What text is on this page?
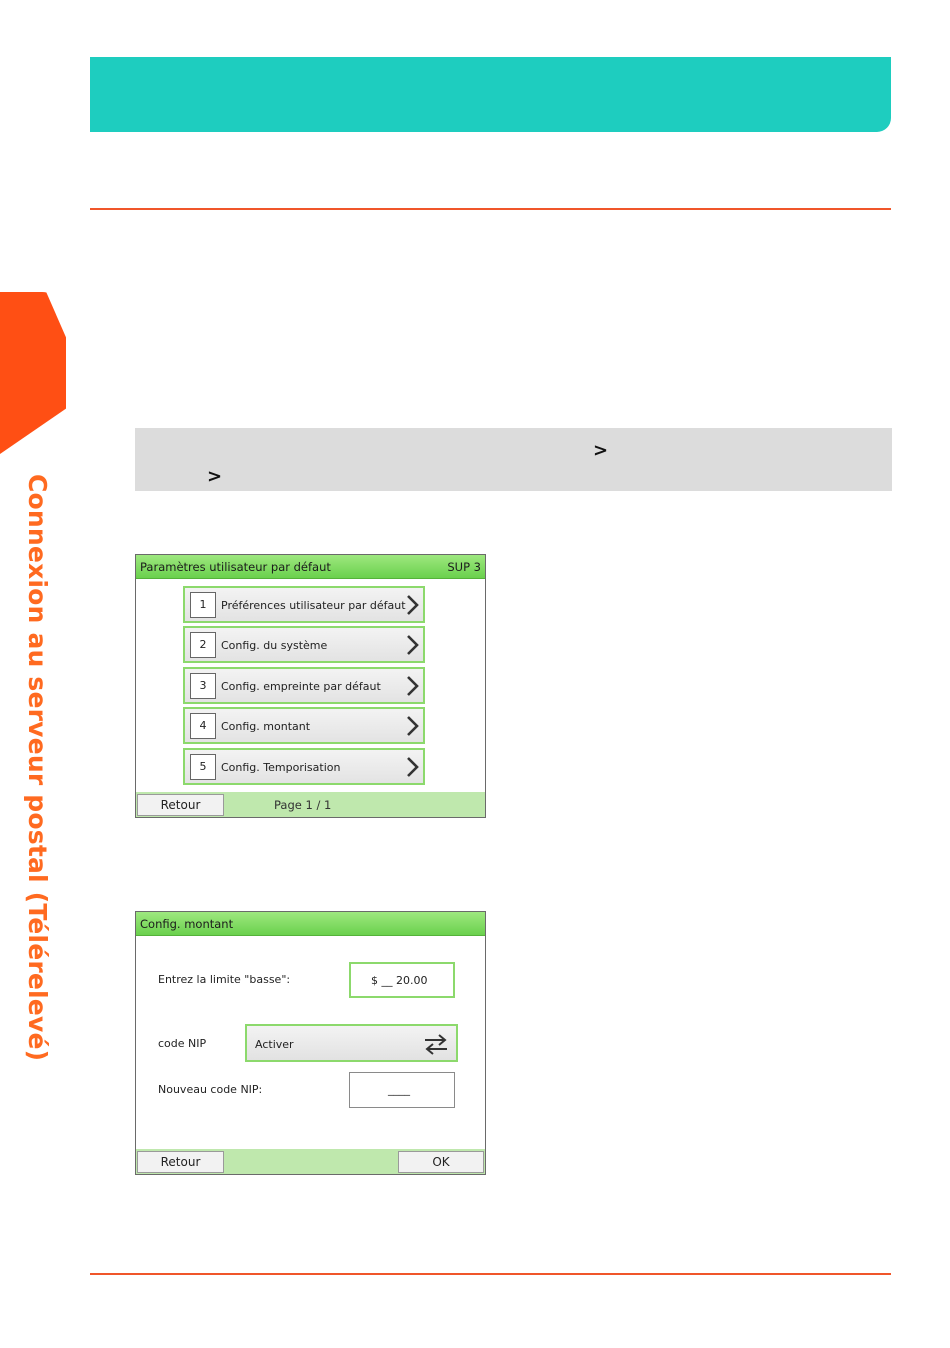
Connexion au serveur postal (Télérelevé)
>
>
Paramètres utilisateur par défaut	SUP 3
1	Préférences utilisateur par défaut
2	Config. du système
3	Config. empreinte par défaut
4	Config. montant
5	Config. Temporisation
Retour	Page 1 / 1
Config. montant
Entrez la limite "basse":	$ __ 20.00
code NIP	Activer
Nouveau code NIP:	____
Retour	OK
